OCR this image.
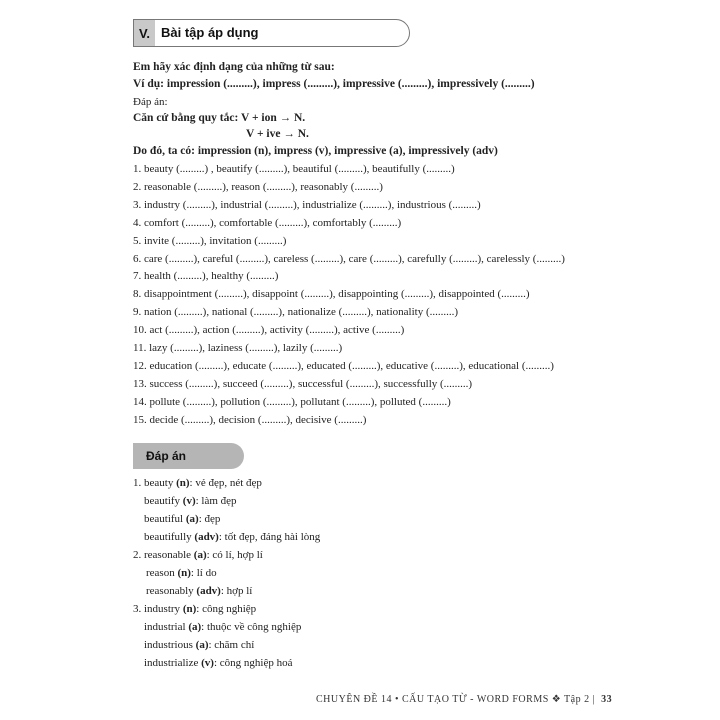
V. Bài tập áp dụng
Em hãy xác định dạng của những từ sau:
Ví dụ: impression (.........), impress (.........), impressive (.........), impressively (.........)
Đáp án:
Căn cứ bằng quy tắc: V + ion → N.
V + ive → N.
Do đó, ta có: impression (n), impress (v), impressive (a), impressively (adv)
1. beauty (.........) , beautify (.........), beautiful (.........), beautifully (.........)
2. reasonable (.........), reason (.........), reasonably (.........)
3. industry (.........), industrial (.........), industrialize (.........), industrious (.........)
4. comfort (.........), comfortable (.........), comfortably (.........)
5. invite (.........), invitation (.........)
6. care (.........), careful (.........), careless (.........), care (.........), carefully (.........), carelessly (.........)
7. health (.........), healthy (.........)
8. disappointment (.........), disappoint (.........), disappointing (.........), disappointed (.........)
9. nation (.........), national (.........), nationalize (.........), nationality (.........)
10. act (.........), action (.........), activity (.........), active (.........)
11. lazy (.........), laziness (.........), lazily (.........)
12. education (.........), educate (.........), educated (.........), educative (.........), educational (.........)
13. success (.........), succeed (.........), successful (.........), successfully (.........)
14. pollute (.........), pollution (.........), pollutant (.........), polluted (.........)
15. decide (.........), decision (.........), decisive (.........)
Đáp án
1. beauty (n): vẻ đẹp, nét đẹp
beautify (v): làm đẹp
beautiful (a): đẹp
beautifully (adv): tốt đẹp, đáng hài lòng
2. reasonable (a): có lí, hợp lí
reason (n): lí do
reasonably (adv): hợp lí
3. industry (n): công nghiệp
industrial (a): thuộc về công nghiệp
industrious (a): chăm chỉ
industrialize (v): công nghiệp hoá
CHUYÊN ĐỀ 14 • CẤU TẠO TỪ - WORD FORMS ❖ Tập 2 | 33
